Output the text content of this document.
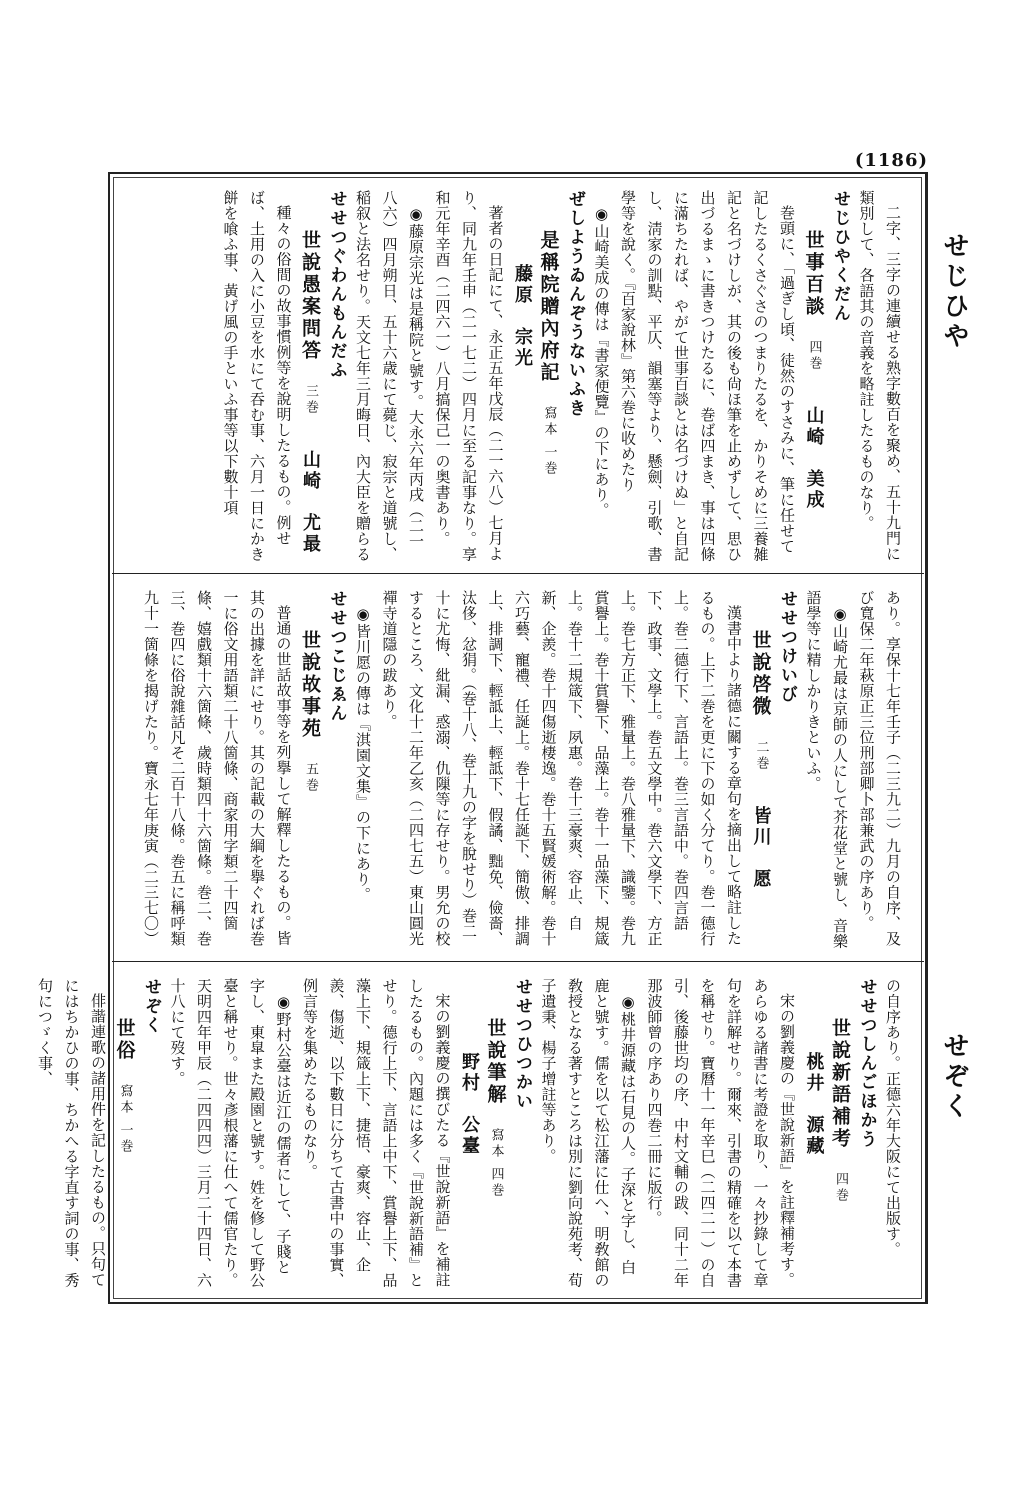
(1186)
せじひや
せぞく

二字、三字の連續せる熟字數百を聚め、五十九門に類別して、各語其の音義を略註したるものなり。

せじひやくだん

世事百談四巻山崎　美成

巻頭に、「過ぎし頃、徒然のすさみに、筆に任せて記したるくさぐさのつまりたるを、かりそめに三養雑記と名づけしが、其の後も尙ほ筆を止めずして、思ひ出づるまゝに書きつけたるに、巻ば四まき、事は四條に滿ちたれば、やがて世事百談とは名づけぬ」と自記し、淸家の訓點、平仄、韻塞等より、懸劍、引歌、書學等を說く。『百家說林』第六巻に收めたり

◉山崎美成の傳は『書家便覽』の下にあり。

ぜしようゐんぞうないふき

是稱院贈內府記寫本 一巻藤原　宗光

著者の日記にて、永正五年戊辰（二一六八）七月より、同九年壬申（二一七二）四月に至る記事なり。享和元年辛酉（二四六一）八月搞保己一の奥書あり。

◉藤原宗光は是稱院と號す。大永六年丙戌（二一八六）四月朔日、五十六歳にて薨じ、寂宗と道號し、稲叙と法名せり。天文七年三月晦日、內大臣を贈らる

せせつぐわんもんだふ

世說愚案問答三巻山崎　尤最

種々の俗間の故事慣例等を說明したるもの。例せば、土用の入に小豆を水にて吞む事、六月一日にかき餅を喰ふ事、黃げ風の手といふ事等以下數十項

あり。享保十七年壬子（二三九二）九月の自序、及び寬保二年萩原正三位刑部卿卜部兼武の序あり。

◉山崎尤最は京師の人にして芥花堂と號し、音樂語學等に精しかりきといふ。

せせつけいび

世說啓微二巻皆川　愿

漢書中より諸德に關する章句を摘出して略註したるもの。上下二巻を更に下の如く分てり。巻一德行上。巻二德行下、言語上。巻三言語中。巻四言語下、政事、文學上。巻五文學中。巻六文學下、方正上。巻七方正下、雅量上。巻八雅量下、識鑒。巻九賞譽上。巻十賞譽下、品藻上。巻十一品藻下、規箴上。巻十二規箴下、夙惠。巻十三豪爽、容止、自新、企羨。巻十四傷逝棲逸。巻十五賢媛術解。巻十六巧藝、寵禮、任誕上。巻十七任誕下、簡傲、排調上、排調下、輕詆上、輕詆下、假譎、黜免、儉嗇、汰侈、忿狷。（巻十八、巻十九の字を脫せり）巻二十に尤悔、紕漏、惑溺、仇隟等に存せり。男允の校するところ、文化十二年乙亥（二四七五）東山圓光禪寺道隱の跋あり。

◉皆川愿の傳は『淇園文集』の下にあり。

せせつこじゑん

世說故事苑五巻

普通の世話故事等を列擧して解釋したるもの。皆其の出據を詳にせり。其の記載の大綱を擧ぐれば巻一に俗文用語類二十八箇條、商家用字類二十四箇條、嬉戲類十六箇條、歲時類四十六箇條。巻二、巻三、巻四に俗說雜話凡そ二百十八條。巻五に稱呼類九十一箇條を揭げたり。寶永七年庚寅（二三七〇）

の自序あり。正德六年大阪にて出版す。

せせつしんごほかう

世說新語補考四巻桃井　源藏

宋の劉義慶の『世說新語』を註釋補考す。あらゆる諸書に考證を取り、一々抄錄して章句を詳解せり。爾來、引書の精確を以て本書を稱せり。寶曆十一年辛巳（二四二一）の自引、後藤世均の序、中村文輔の跋、同十二年那波師曾の序あり四巻二冊に版行。

◉桃井源藏は石見の人。子深と字し、白鹿と號す。儒を以て松江藩に仕へ、明敎館の敎授となる著すところは別に劉向說苑考、荀子遺秉、楊子增註等あり。

せせつひつかい

世說筆解寫本 四巻野村　公臺

宋の劉義慶の撰びたる『世說新語』を補註したるもの。內題には多く『世說新語補』とせり。德行上下、言語上中下、賞譽上下、品藻上下、規箴上下、捷悟、豪爽、容止、企羨、傷逝、以下數日に分ちて古書中の事實、例言等を集めたるものなり。

◉野村公臺は近江の儒者にして、子賤と字し、東皐また殿園と號す。姓を修して野公臺と稱せり。世々彥根藩に仕へて儒官たり。天明四年甲辰（二四四四）三月二十四日、六十八にて歿す。

せぞく

世俗寫本 一巻

俳諧連歌の諸用件を記したるもの。只句てにはちかひの事、ちかへる字直す詞の事、秀句につゞく事、
